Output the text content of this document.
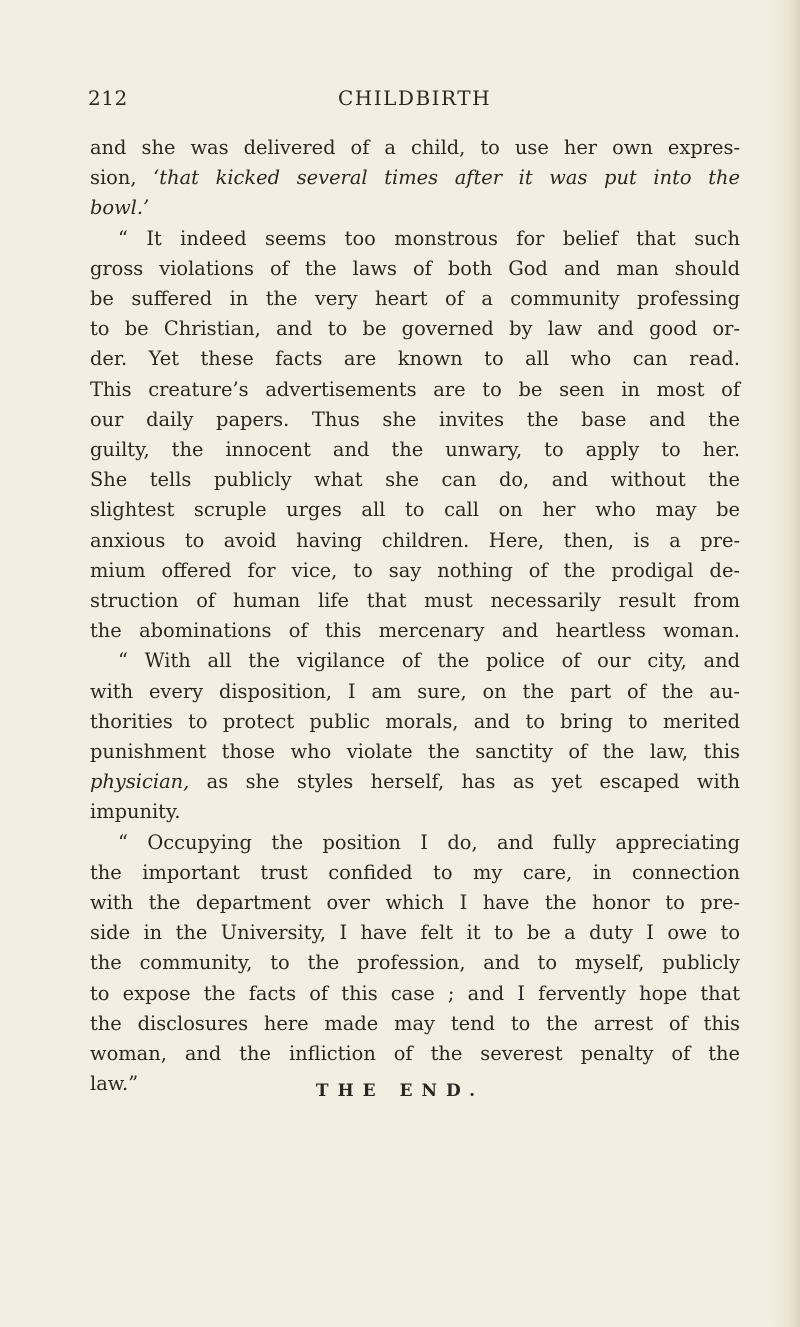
212	CHILDBIRTH
and she was delivered of a child, to use her own expres-
sion, ‘that kicked several times after it was put into the
bowl.’
“ It indeed seems too monstrous for belief that such
gross violations of the laws of both God and man should
be suffered in the very heart of a community professing
to be Christian, and to be governed by law and good or-
der. Yet these facts are known to all who can read.
This creature’s advertisements are to be seen in most of
our daily papers. Thus she invites the base and the
guilty, the innocent and the unwary, to apply to her.
She tells publicly what she can do, and without the
slightest scruple urges all to call on her who may be
anxious to avoid having children. Here, then, is a pre-
mium offered for vice, to say nothing of the prodigal de-
struction of human life that must necessarily result from
the abominations of this mercenary and heartless woman.
“ With all the vigilance of the police of our city, and
with every disposition, I am sure, on the part of the au-
thorities to protect public morals, and to bring to merited
punishment those who violate the sanctity of the law, this
physician, as she styles herself, has as yet escaped with
impunity.
“ Occupying the position I do, and fully appreciating
the important trust confided to my care, in connection
with the department over which I have the honor to pre-
side in the University, I have felt it to be a duty I owe to
the community, to the profession, and to myself, publicly
to expose the facts of this case ; and I fervently hope that
the disclosures here made may tend to the arrest of this
woman, and the infliction of the severest penalty of the
law.”	THE END.
